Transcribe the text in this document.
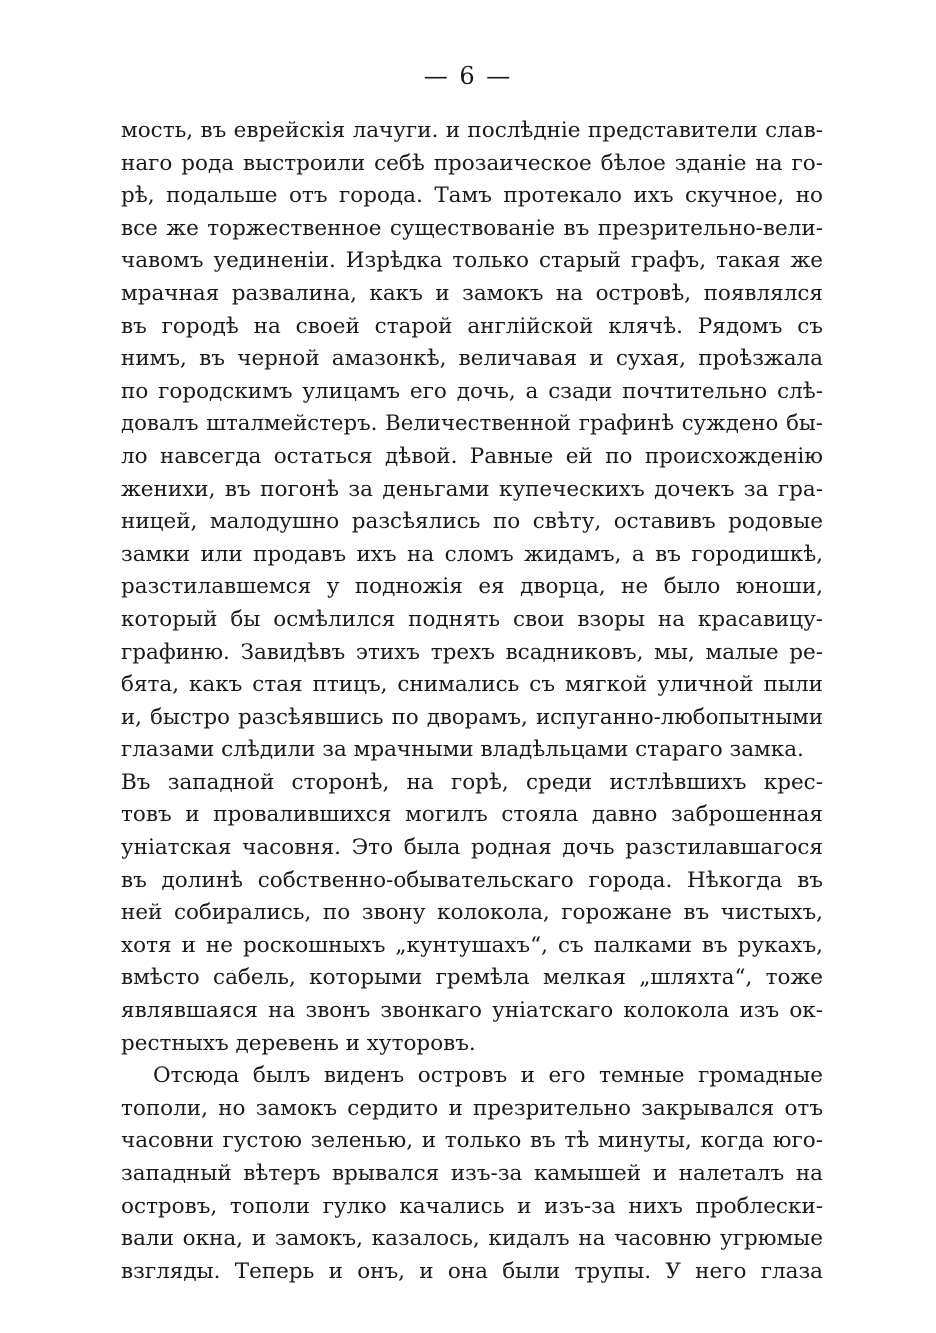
— 6 —
мость, въ еврейскія лачуги. и послѣдніе представители слав-
наго рода выстроили себѣ прозаическое бѣлое зданіе на го-
рѣ, подальше отъ города. Тамъ протекало ихъ скучное, но
все же торжественное существованіе въ презрительно-вели-
чавомъ уединеніи. Изрѣдка только старый графъ, такая же
мрачная развалина, какъ и замокъ на островѣ, появлялся
въ городѣ на своей старой англійской клячѣ. Рядомъ съ
нимъ, въ черной амазонкѣ, величавая и сухая, проѣзжала
по городскимъ улицамъ его дочь, а сзади почтительно слѣ-
довалъ шталмейстеръ. Величественной графинѣ суждено бы-
ло навсегда остаться дѣвой. Равные ей по происхожденію
женихи, въ погонѣ за деньгами купеческихъ дочекъ за гра-
ницей, малодушно разсѣялись по свѣту, оставивъ родовые
замки или продавъ ихъ на сломъ жидамъ, а въ городишкѣ,
разстилавшемся у подножія ея дворца, не было юноши,
который бы осмѣлился поднять свои взоры на красавицу-
графиню. Завидѣвъ этихъ трехъ всадниковъ, мы, малые ре-
бята, какъ стая птицъ, снимались съ мягкой уличной пыли
и, быстро разсѣявшись по дворамъ, испуганно-любопытными
глазами слѣдили за мрачными владѣльцами стараго замка.
Въ западной сторонѣ, на горѣ, среди истлѣвшихъ крес-
товъ и провалившихся могилъ стояла давно заброшенная
уніатская часовня. Это была родная дочь разстилавшагося
въ долинѣ собственно-обывательскаго города. Нѣкогда въ
ней собирались, по звону колокола, горожане въ чистыхъ,
хотя и не роскошныхъ „кунтушахъ“, съ палками въ рукахъ,
вмѣсто сабель, которыми гремѣла мелкая „шляхта“, тоже
являвшаяся на звонъ звонкаго уніатскаго колокола изъ ок-
рестныхъ деревень и хуторовъ.
Отсюда былъ виденъ островъ и его темные громадные
тополи, но замокъ сердито и презрительно закрывался отъ
часовни густою зеленью, и только въ тѣ минуты, когда юго-
западный вѣтеръ врывался изъ-за камышей и налеталъ на
островъ, тополи гулко качались и изъ-за нихъ проблески-
вали окна, и замокъ, казалось, кидалъ на часовню угрюмые
взгляды. Теперь и онъ, и она были трупы. У него глаза
